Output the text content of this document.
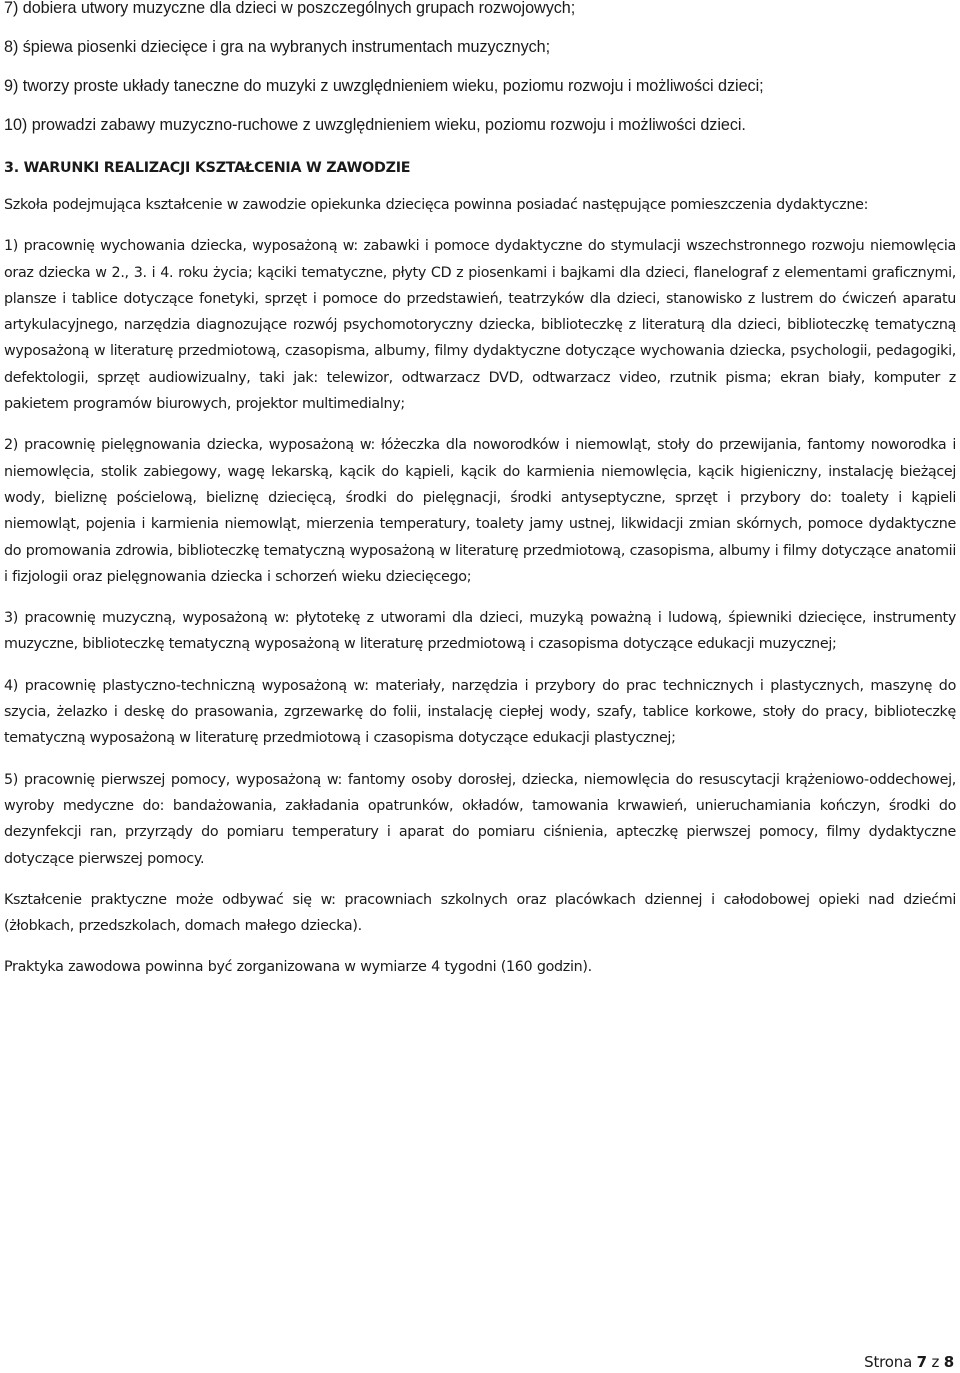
7) dobiera utwory muzyczne dla dzieci w poszczególnych grupach rozwojowych;

8) śpiewa piosenki dziecięce i gra na wybranych instrumentach muzycznych;

9) tworzy proste układy taneczne do muzyki z uwzględnieniem wieku, poziomu rozwoju i możliwości dzieci;

10) prowadzi zabawy muzyczno-ruchowe z uwzględnieniem wieku, poziomu rozwoju i możliwości dzieci.

3. WARUNKI REALIZACJI KSZTAŁCENIA W ZAWODZIE

Szkoła podejmująca kształcenie w zawodzie opiekunka dziecięca powinna posiadać następujące pomieszczenia dydaktyczne:

1) pracownię wychowania dziecka, wyposażoną w: zabawki i pomoce dydaktyczne do stymulacji wszechstronnego rozwoju niemowlęcia oraz dziecka w 2., 3. i 4. roku życia; kąciki tematyczne, płyty CD z piosenkami i bajkami dla dzieci, flanelograf z elementami graficznymi, plansze i tablice dotyczące fonetyki, sprzęt i pomoce do przedstawień, teatrzyków dla dzieci, stanowisko z lustrem do ćwiczeń aparatu artykulacyjnego, narzędzia diagnozujące rozwój psychomotoryczny dziecka, biblioteczkę z literaturą dla dzieci, biblioteczkę tematyczną wyposażoną w literaturę przedmiotową, czasopisma, albumy, filmy dydaktyczne dotyczące wychowania dziecka, psychologii, pedagogiki, defektologii, sprzęt audiowizualny, taki jak: telewizor, odtwarzacz DVD, odtwarzacz video, rzutnik pisma; ekran biały, komputer z pakietem programów biurowych, projektor multimedialny;

2) pracownię pielęgnowania dziecka, wyposażoną w: łóżeczka dla noworodków i niemowląt, stoły do przewijania, fantomy noworodka i niemowlęcia, stolik zabiegowy, wagę lekarską, kącik do kąpieli, kącik do karmienia niemowlęcia, kącik higieniczny, instalację bieżącej wody, bieliznę pościelową, bieliznę dziecięcą, środki do pielęgnacji, środki antyseptyczne, sprzęt i przybory do: toalety i kąpieli niemowląt, pojenia i karmienia niemowląt, mierzenia temperatury, toalety jamy ustnej, likwidacji zmian skórnych, pomoce dydaktyczne do promowania zdrowia, biblioteczkę tematyczną wyposażoną w literaturę przedmiotową, czasopisma, albumy i filmy dotyczące anatomii i fizjologii oraz pielęgnowania dziecka i schorzeń wieku dziecięcego;

3) pracownię muzyczną, wyposażoną w: płytotekę z utworami dla dzieci, muzyką poważną i ludową, śpiewniki dziecięce, instrumenty muzyczne, biblioteczkę tematyczną wyposażoną w literaturę przedmiotową i czasopisma dotyczące edukacji muzycznej;

4) pracownię plastyczno-techniczną wyposażoną w: materiały, narzędzia i przybory do prac technicznych i plastycznych, maszynę do szycia, żelazko i deskę do prasowania, zgrzewarkę do folii, instalację ciepłej wody, szafy, tablice korkowe, stoły do pracy, biblioteczkę tematyczną wyposażoną w literaturę przedmiotową i czasopisma dotyczące edukacji plastycznej;

5) pracownię pierwszej pomocy, wyposażoną w: fantomy osoby dorosłej, dziecka, niemowlęcia do resuscytacji krążeniowo-oddechowej, wyroby medyczne do: bandażowania, zakładania opatrunków, okładów, tamowania krwawień, unieruchamiania kończyn, środki do dezynfekcji ran, przyrządy do pomiaru temperatury i aparat do pomiaru ciśnienia, apteczkę pierwszej pomocy, filmy dydaktyczne dotyczące pierwszej pomocy.

Kształcenie praktyczne może odbywać się w: pracowniach szkolnych oraz placówkach dziennej i całodobowej opieki nad dziećmi (żłobkach, przedszkolach, domach małego dziecka).

Praktyka zawodowa powinna być zorganizowana w wymiarze 4 tygodni (160 godzin).

Strona 7 z 8
